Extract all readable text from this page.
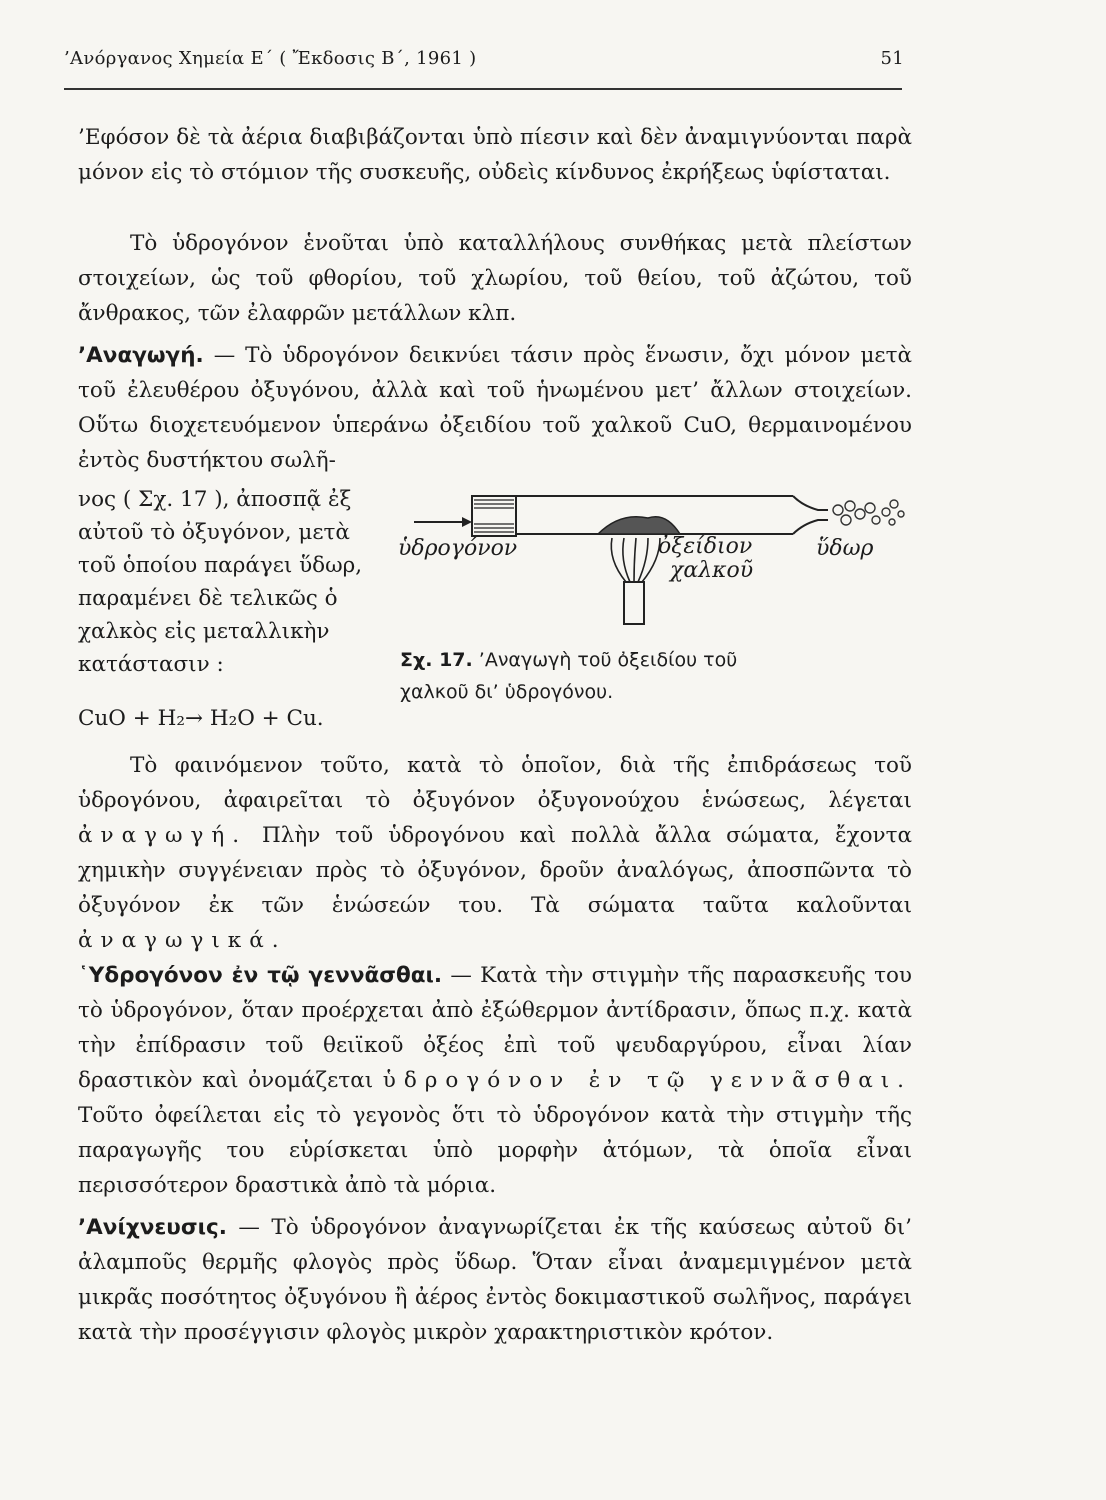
’Ανόργανος Χημεία Ε΄ ( Ἔκδοσις Β΄, 1961 )	51

’Εφόσον δὲ τὰ ἀέρια διαβιβάζονται ὑπὸ πίεσιν καὶ δὲν ἀναμιγνύονται παρὰ μόνον εἰς τὸ στόμιον τῆς συσκευῆς, οὐδεὶς κίνδυνος ἐκρήξεως ὑφίσταται.

Τὸ ὑδρογόνον ἑνοῦται ὑπὸ καταλλήλους συνθήκας μετὰ πλείστων στοιχείων, ὡς τοῦ φθορίου, τοῦ χλωρίου, τοῦ θείου, τοῦ ἀζώτου, τοῦ ἄνθρακος, τῶν ἐλαφρῶν μετάλλων κλπ.

’Αναγωγή. — Τὸ ὑδρογόνον δεικνύει τάσιν πρὸς ἕνωσιν, ὄχι μόνον μετὰ τοῦ ἐλευθέρου ὀξυγόνου, ἀλλὰ καὶ τοῦ ἡνωμένου μετ’ ἄλλων στοιχείων. Οὕτω διοχετευόμενον ὑπεράνω ὀξειδίου τοῦ χαλκοῦ CuO, θερμαινομένου ἐντὸς δυστήκτου σωλῆ-

νος ( Σχ. 17 ), ἀποσπᾷ ἐξ αὐτοῦ τὸ ὀξυγόνον, μετὰ τοῦ ὁποίου παράγει ὕδωρ, παραμένει δὲ τελικῶς ὁ χαλκὸς εἰς μεταλλικὴν κατάστασιν :
ὑδρογόνον	ὀξείδιον
χαλκοῦ
ὕδωρ
Σχ. 17. ’Αναγωγὴ τοῦ ὀξειδίου τοῦ χαλκοῦ δι’ ὑδρογόνου.
CuO + H₂→ H₂O + Cu.

Τὸ φαινόμενον τοῦτο, κατὰ τὸ ὁποῖον, διὰ τῆς ἐπιδράσεως τοῦ ὑδρογόνου, ἀφαιρεῖται τὸ ὀξυγόνον ὀξυγονούχου ἑνώσεως, λέγεται ἀναγωγή. Πλὴν τοῦ ὑδρογόνου καὶ πολλὰ ἄλλα σώματα, ἔχοντα χημικὴν συγγένειαν πρὸς τὸ ὀξυγόνον, δροῦν ἀναλόγως, ἀποσπῶντα τὸ ὀξυγόνον ἐκ τῶν ἑνώσεών του. Τὰ σώματα ταῦτα καλοῦνται ἀναγωγικά.

῾Υδρογόνον ἐν τῷ γεννᾶσθαι. — Κατὰ τὴν στιγμὴν τῆς παρασκευῆς του τὸ ὑδρογόνον, ὅταν προέρχεται ἀπὸ ἐξώθερμον ἀντίδρασιν, ὅπως π.χ. κατὰ τὴν ἐπίδρασιν τοῦ θειϊκοῦ ὀξέος ἐπὶ τοῦ ψευδαργύρου, εἶναι λίαν δραστικὸν καὶ ὀνομάζεται ὑδρογόνον ἐν τῷ γεννᾶσθαι. Τοῦτο ὀφείλεται εἰς τὸ γεγονὸς ὅτι τὸ ὑδρογόνον κατὰ τὴν στιγμὴν τῆς παραγωγῆς του εὑρίσκεται ὑπὸ μορφὴν ἀτόμων, τὰ ὁποῖα εἶναι περισσότερον δραστικὰ ἀπὸ τὰ μόρια.

’Ανίχνευσις. — Τὸ ὑδρογόνον ἀναγνωρίζεται ἐκ τῆς καύσεως αὐτοῦ δι’ ἀλαμποῦς θερμῆς φλογὸς πρὸς ὕδωρ. Ὅταν εἶναι ἀναμεμιγμένον μετὰ μικρᾶς ποσότητος ὀξυγόνου ἢ ἀέρος ἐντὸς δοκιμαστικοῦ σωλῆνος, παράγει κατὰ τὴν προσέγγισιν φλογὸς μικρὸν χαρακτηριστικὸν κρότον.
